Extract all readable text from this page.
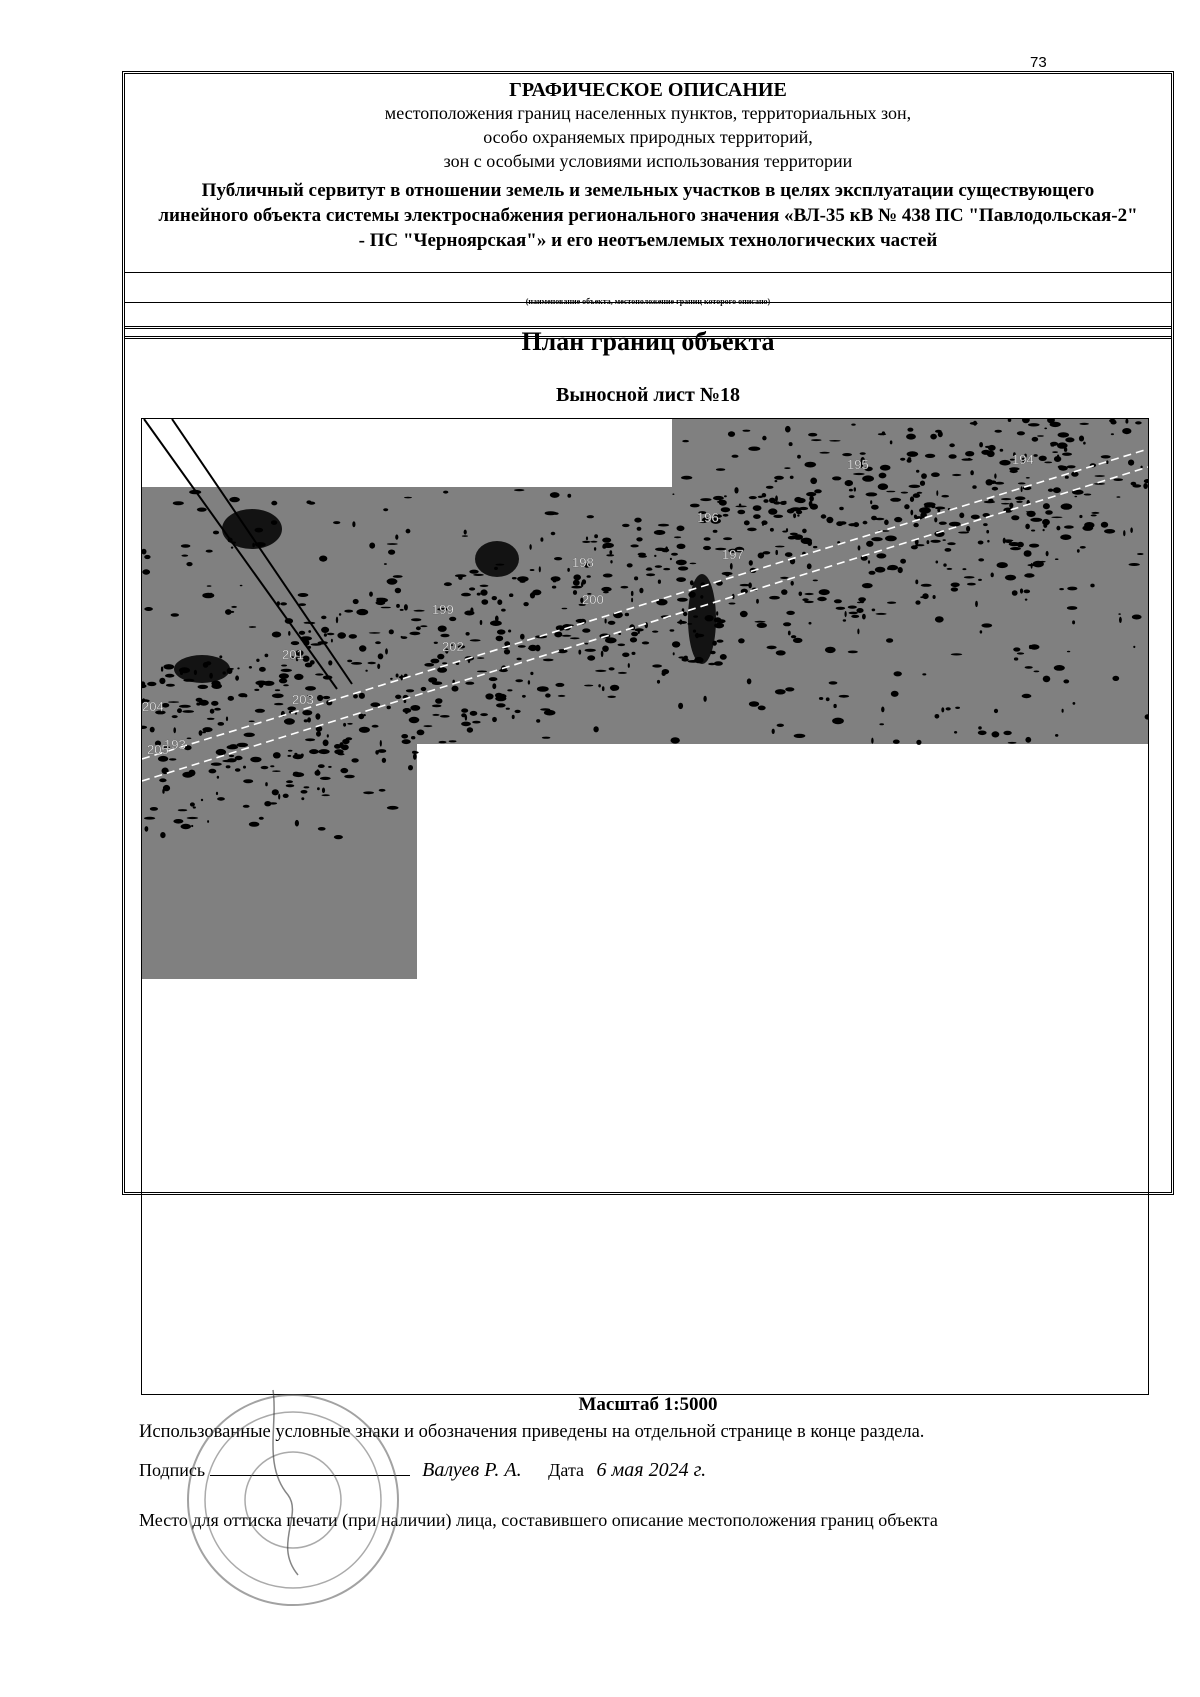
73
ГРАФИЧЕСКОЕ ОПИСАНИЕ
местоположения границ населенных пунктов, территориальных зон,
особо охраняемых природных территорий,
зон с особыми условиями использования территории
Публичный сервитут в отношении земель и земельных участков в целях эксплуатации существующего линейного объекта системы электроснабжения регионального значения «ВЛ-35 кВ № 438 ПС "Павлодольская-2" - ПС "Черноярская"» и его неотъемлемых технологических частей
(наименование объекта, местоположение границ которого описано)
План границ объекта
Выносной лист №18
193
194
195
196
197
198
199
200
201
202
203
204
205
Масштаб 1:5000
Использованные условные знаки и обозначения приведены на отдельной странице в конце раздела.
Подпись	Валуев Р. А. Дата 6 мая 2024 г.
Место для оттиска печати (при наличии) лица, составившего описание местоположения границ объекта
